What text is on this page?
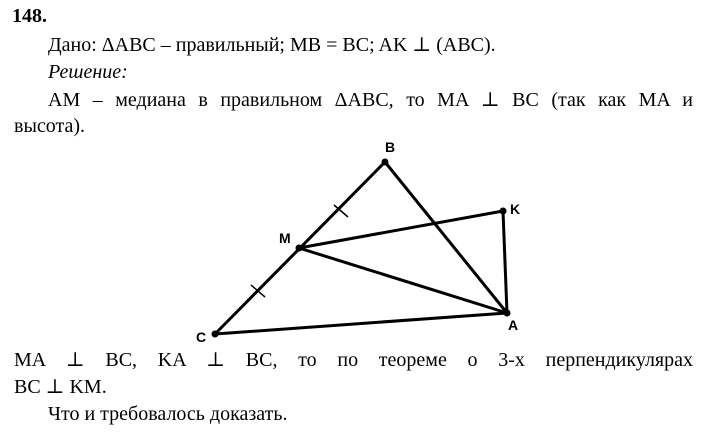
148.
Дано: ΔABC – правильный; MB = BC; AK ⊥ (ABC).
Решение:
AM – медиана в правильном ΔABC, то MA ⊥ BC (так как MA и
высота).
B
K
M
A
C
MA ⊥ BC, KA ⊥ BC, то по теореме о 3-х перпендикулярах
BC ⊥ KM.
Что и требовалось доказать.
